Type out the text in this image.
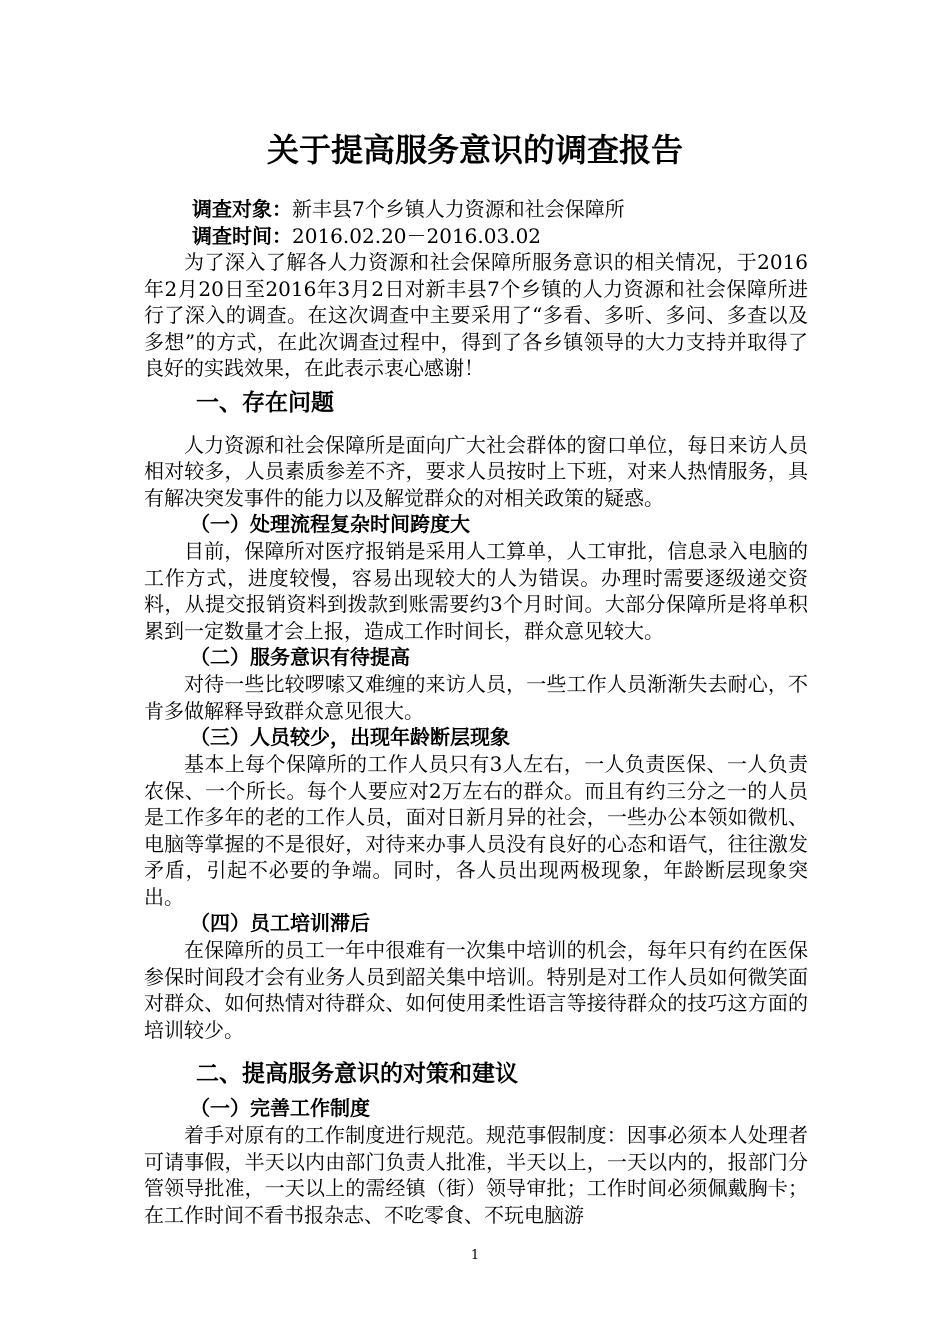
关于提高服务意识的调查报告
调查对象：新丰县7个乡镇人力资源和社会保障所
调查时间：2016.02.20－2016.03.02

为了深入了解各人力资源和社会保障所服务意识的相关情况，于2016年2月20日至2016年3月2日对新丰县7个乡镇的人力资源和社会保障所进行了深入的调查。在这次调查中主要采用了“多看、多听、多问、多查以及多想”的方式，在此次调查过程中，得到了各乡镇领导的大力支持并取得了良好的实践效果，在此表示衷心感谢！

一、存在问题

人力资源和社会保障所是面向广大社会群体的窗口单位，每日来访人员相对较多，人员素质参差不齐，要求人员按时上下班，对来人热情服务，具有解决突发事件的能力以及解觉群众的对相关政策的疑惑。

（一）处理流程复杂时间跨度大

目前，保障所对医疗报销是采用人工算单，人工审批，信息录入电脑的工作方式，进度较慢，容易出现较大的人为错误。办理时需要逐级递交资料，从提交报销资料到拨款到账需要约3个月时间。大部分保障所是将单积累到一定数量才会上报，造成工作时间长，群众意见较大。

（二）服务意识有待提高

对待一些比较啰嗦又难缠的来访人员，一些工作人员渐渐失去耐心，不肯多做解释导致群众意见很大。

（三）人员较少，出现年龄断层现象

基本上每个保障所的工作人员只有3人左右，一人负责医保、一人负责农保、一个所长。每个人要应对2万左右的群众。而且有约三分之一的人员是工作多年的老的工作人员，面对日新月异的社会，一些办公本领如微机、电脑等掌握的不是很好，对待来办事人员没有良好的心态和语气，往往激发矛盾，引起不必要的争端。同时，各人员出现两极现象，年龄断层现象突出。

（四）员工培训滞后

在保障所的员工一年中很难有一次集中培训的机会，每年只有约在医保参保时间段才会有业务人员到韶关集中培训。特别是对工作人员如何微笑面对群众、如何热情对待群众、如何使用柔性语言等接待群众的技巧这方面的培训较少。

二、提高服务意识的对策和建议
（一）完善工作制度

着手对原有的工作制度进行规范。规范事假制度：因事必须本人处理者可请事假，半天以内由部门负责人批准，半天以上，一天以内的，报部门分管领导批准，一天以上的需经镇（街）领导审批；工作时间必须佩戴胸卡；在工作时间不看书报杂志、不吃零食、不玩电脑游

1
